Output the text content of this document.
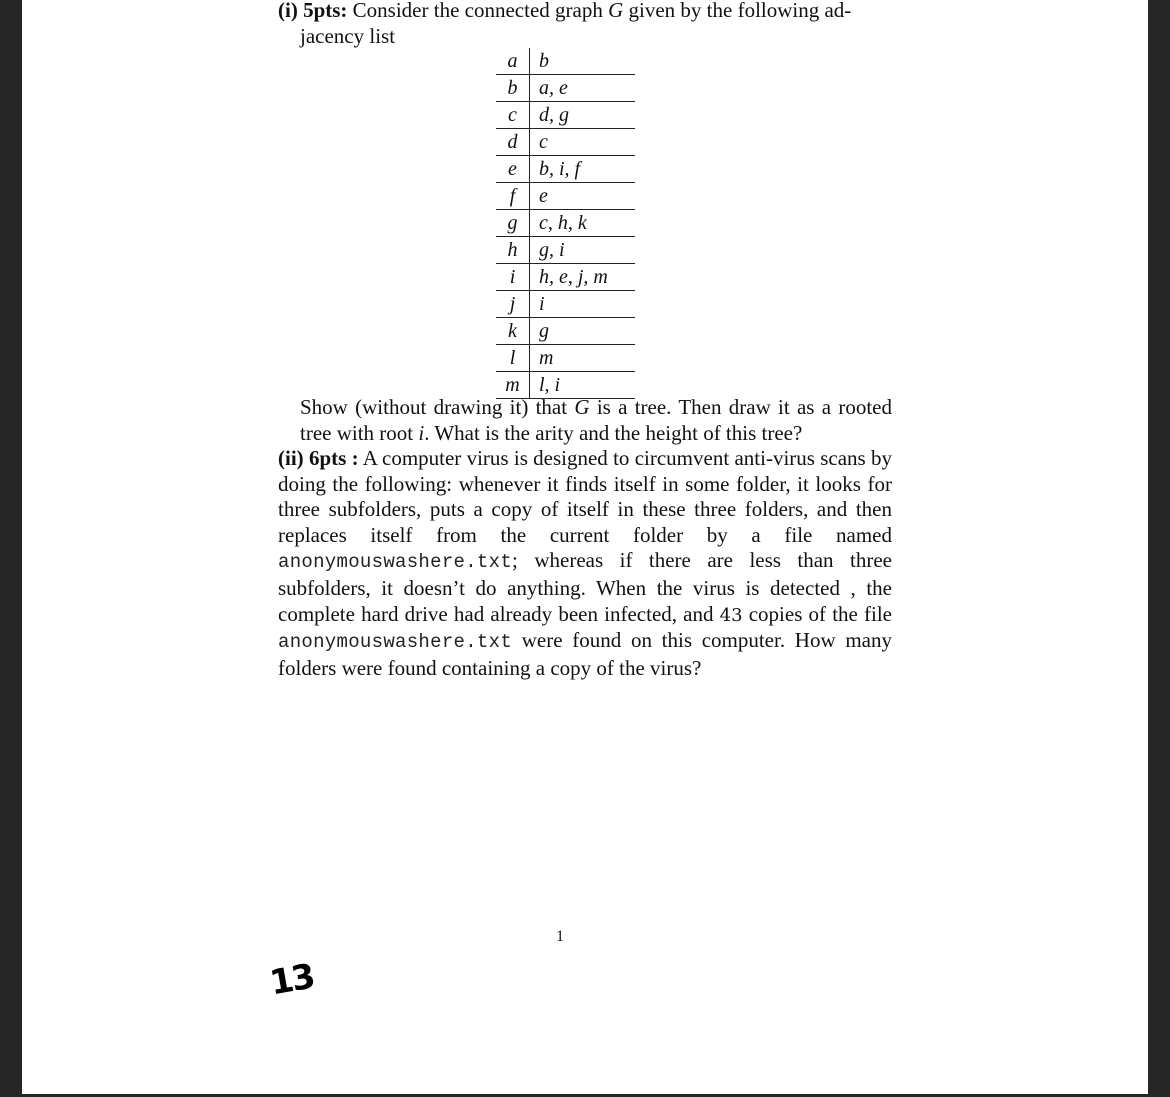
(i) 5pts: Consider the connected graph G given by the following ad-
jacency list
a	b
b	a, e
c	d, g
d	c
e	b, i, f
f	e
g	c, h, k
h	g, i
i	h, e, j, m
j	i
k	g
l	m
m	l, i
Show (without drawing it) that G is a tree. Then draw it as a rooted tree with root i. What is the arity and the height of this tree?
(ii) 6pts : A computer virus is designed to circumvent anti-virus scans by doing the following: whenever it finds itself in some folder, it looks for three subfolders, puts a copy of itself in these three folders, and then replaces itself from the current folder by a file named anonymouswashere.txt; whereas if there are less than three subfolders, it doesn’t do anything. When the virus is detected , the complete hard drive had already been infected, and 43 copies of the file anonymouswashere.txt were found on this computer. How many folders were found containing a copy of the virus?
1
13
